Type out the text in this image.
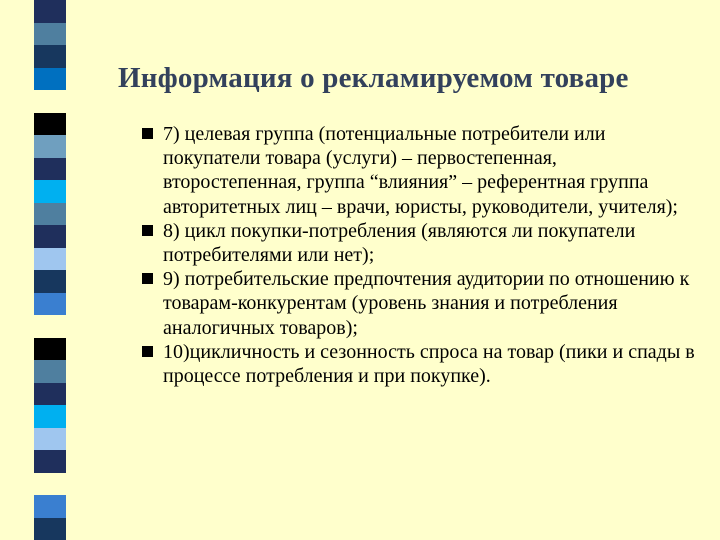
Информация о рекламируемом товаре

7) целевая группа (потенциальные потребители или покупатели товара (услуги) – первостепенная, второстепенная, группа “влияния” – референтная группа авторитетных лиц – врачи, юристы, руководители, учителя);

8) цикл покупки-потребления (являются ли покупатели потребителями или нет);

9) потребительские предпочтения аудитории по отношению к товарам-конкурентам (уровень знания и потребления аналогичных товаров);

10)цикличность и сезонность спроса на товар (пики и спады в процессе потребления и при покупке).
